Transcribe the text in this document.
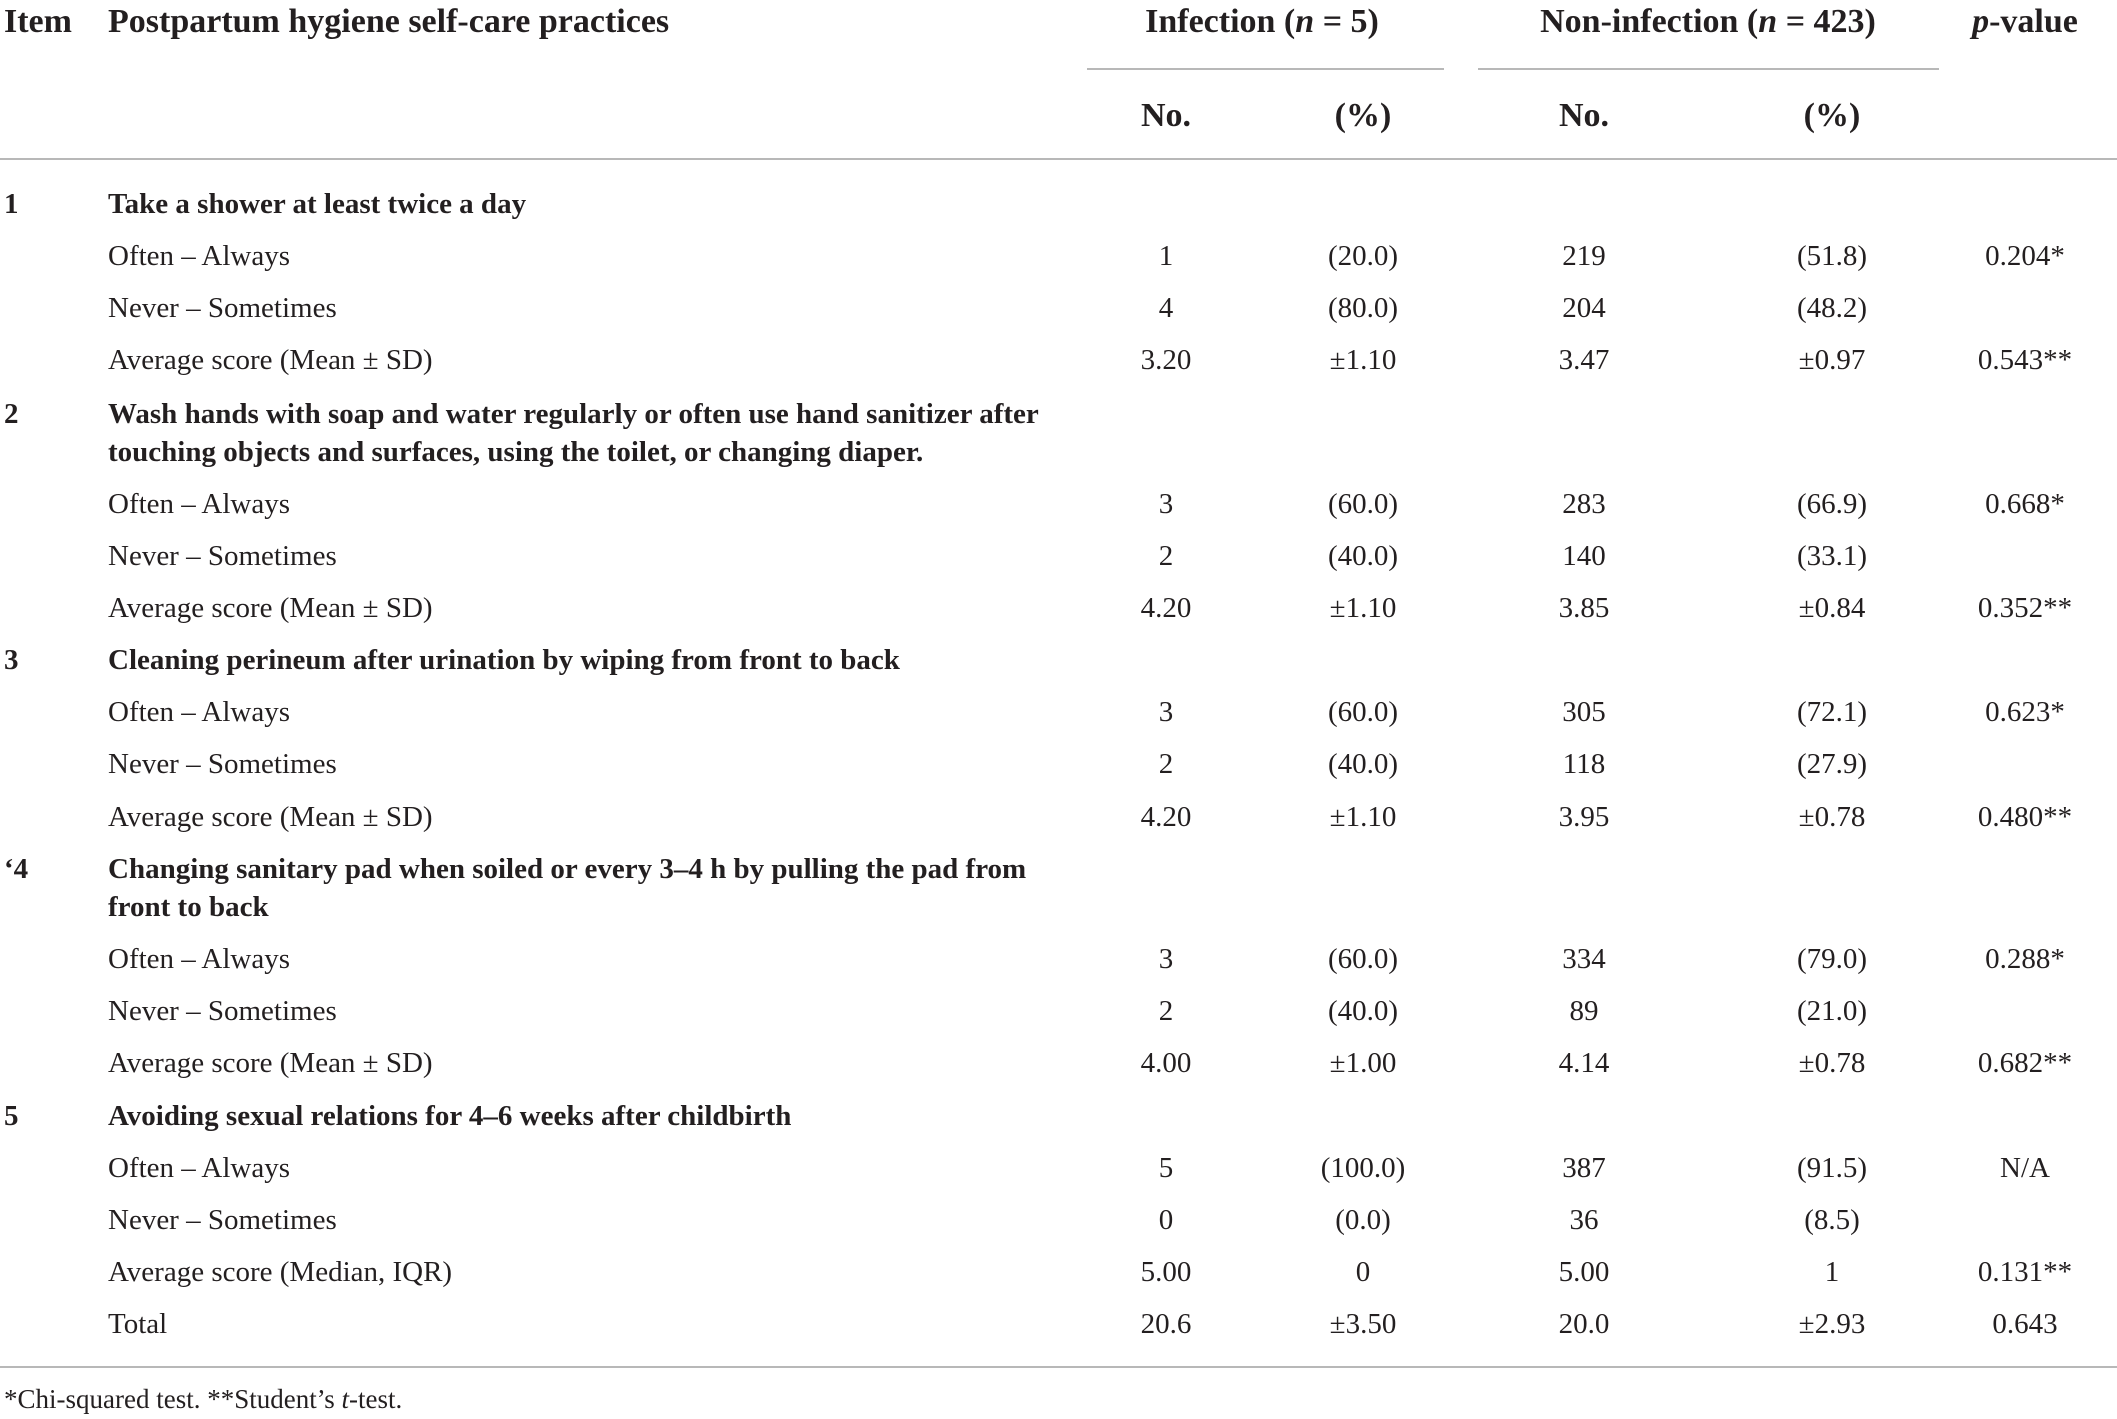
Item Postpartum hygiene self-care practices	Infection (n = 5)	Non-infection (n = 423)	p-value
No.	(%)	No.	(%)
1	Take a shower at least twice a day
Often – Always	1	(20.0)	219	(51.8)	0.204*
Never – Sometimes	4	(80.0)	204	(48.2)
Average score (Mean ± SD)	3.20	±1.10	3.47	±0.97	0.543**
2	Wash hands with soap and water regularly or often use hand sanitizer after touching objects and surfaces, using the toilet, or changing diaper.
Often – Always	3	(60.0)	283	(66.9)	0.668*
Never – Sometimes	2	(40.0)	140	(33.1)
Average score (Mean ± SD)	4.20	±1.10	3.85	±0.84	0.352**
3	Cleaning perineum after urination by wiping from front to back
Often – Always	3	(60.0)	305	(72.1)	0.623*
Never – Sometimes	2	(40.0)	118	(27.9)
Average score (Mean ± SD)	4.20	±1.10	3.95	±0.78	0.480**
‘4	Changing sanitary pad when soiled or every 3–4 h by pulling the pad from front to back
Often – Always	3	(60.0)	334	(79.0)	0.288*
Never – Sometimes	2	(40.0)	89	(21.0)
Average score (Mean ± SD)	4.00	±1.00	4.14	±0.78	0.682**
5	Avoiding sexual relations for 4–6 weeks after childbirth
Often – Always	5	(100.0)	387	(91.5)	N/A
Never – Sometimes	0	(0.0)	36	(8.5)
Average score (Median, IQR)	5.00	0	5.00	1	0.131**
Total	20.6	±3.50	20.0	±2.93	0.643
*Chi-squared test. **Student’s t-test.
